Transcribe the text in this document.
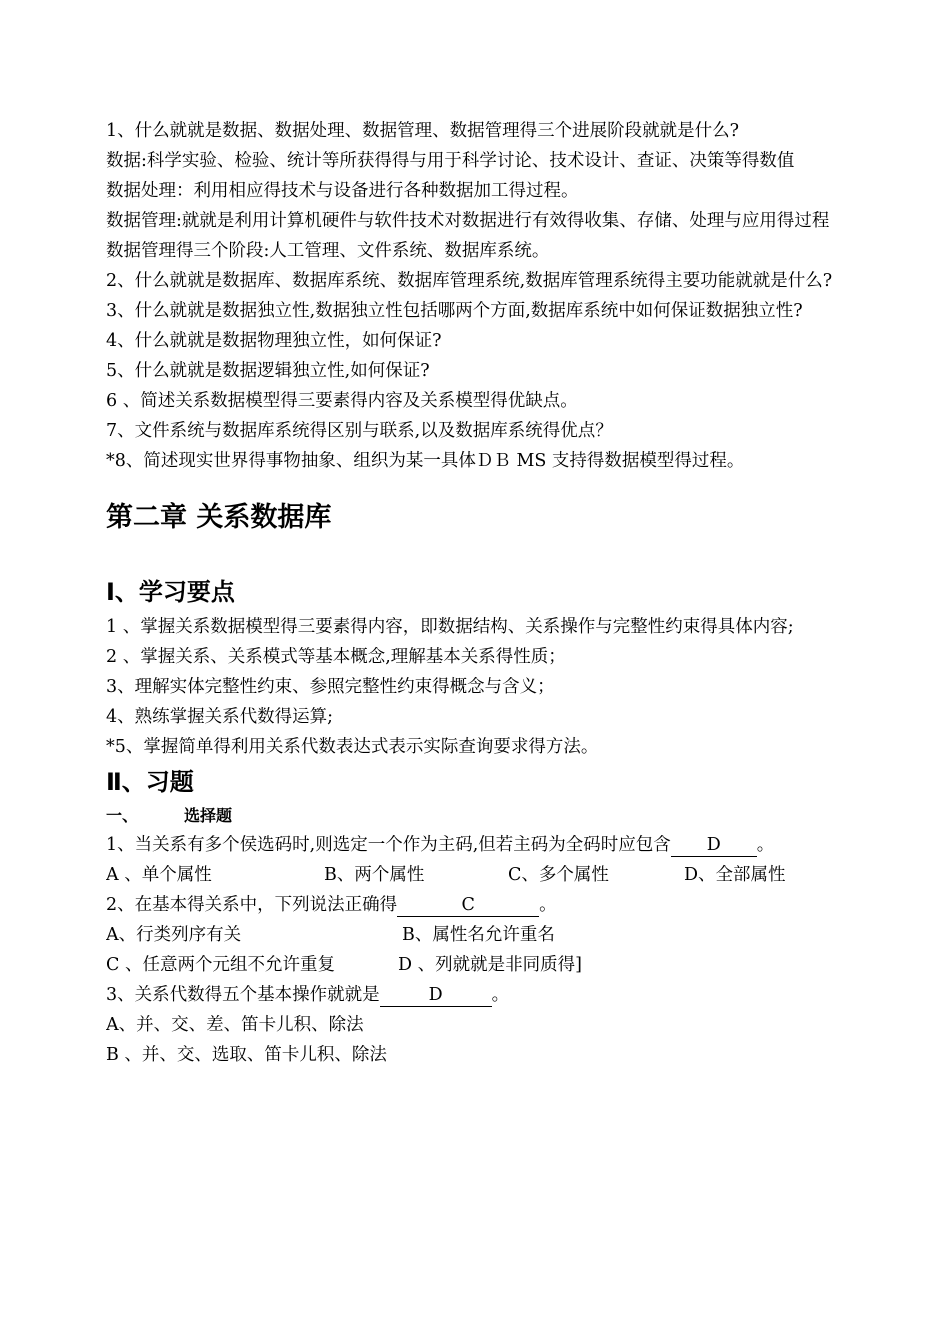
1、什么就就是数据、数据处理、数据管理、数据管理得三个进展阶段就就是什么?
数据:科学实验、检验、统计等所获得得与用于科学讨论、技术设计、查证、决策等得数值
数据处理：利用相应得技术与设备进行各种数据加工得过程。
数据管理:就就是利用计算机硬件与软件技术对数据进行有效得收集、存储、处理与应用得过程
数据管理得三个阶段:人工管理、文件系统、数据库系统。
2、什么就就是数据库、数据库系统、数据库管理系统,数据库管理系统得主要功能就就是什么?
3、什么就就是数据独立性,数据独立性包括哪两个方面,数据库系统中如何保证数据独立性?
4、什么就就是数据物理独立性，如何保证?
5、什么就就是数据逻辑独立性,如何保证?
6 、简述关系数据模型得三要素得内容及关系模型得优缺点。
7、文件系统与数据库系统得区别与联系,以及数据库系统得优点？
*8、简述现实世界得事物抽象、组织为某一具体ＤＢ MS 支持得数据模型得过程。
第二章 关系数据库
Ⅰ、学习要点
1 、掌握关系数据模型得三要素得内容，即数据结构、关系操作与完整性约束得具体内容;
2 、掌握关系、关系模式等基本概念,理解基本关系得性质；
3、理解实体完整性约束、参照完整性约束得概念与含义；
4、熟练掌握关系代数得运算;
*5、掌握简单得利用关系代数表达式表示实际查询要求得方法。
Ⅱ、习题
一、	选择题
1、当关系有多个侯选码时,则选定一个作为主码,但若主码为全码时应包含 D 。
A 、单个属性	B、两个属性	C、多个属性	D、全部属性
2、在基本得关系中，下列说法正确得	C	。
A、行类列序有关	B、属性名允许重名
C 、任意两个元组不允许重复	D 、列就就是非同质得]
3、关系代数得五个基本操作就就是	D	。
A、并、交、差、笛卡儿积、除法
B 、并、交、选取、笛卡儿积、除法
